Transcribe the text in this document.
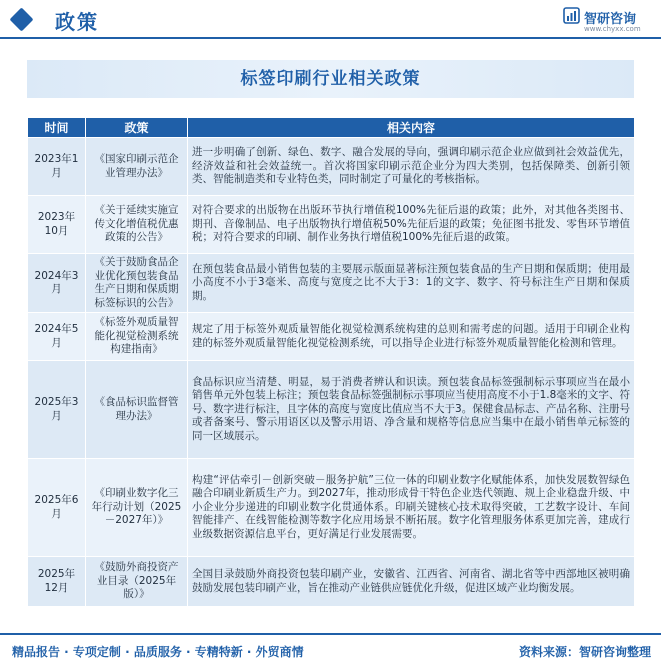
政策	智研咨询
www.chyxx.com
标签印刷行业相关政策
时间	政策	相关内容
2023年1月	《国家印刷示范企业管理办法》	进一步明确了创新、绿色、数字、融合发展的导向，强调印刷示范企业应做到社会效益优先，经济效益和社会效益统一。首次将国家印刷示范企业分为四大类别，包括保障类、创新引领类、智能制造类和专业特色类，同时制定了可量化的考核指标。
2023年10月	《关于延续实施宣传文化增值税优惠政策的公告》	对符合要求的出版物在出版环节执行增值税100%先征后退的政策；此外，对其他各类图书、期刊、音像制品、电子出版物执行增值税50%先征后退的政策；免征图书批发、零售环节增值税；对符合要求的印刷、制作业务执行增值税100%先征后退的政策。
2024年3月	《关于鼓励食品企业优化预包装食品生产日期和保质期标签标识的公告》	在预包装食品最小销售包装的主要展示版面显著标注预包装食品的生产日期和保质期；使用最小高度不小于3毫米、高度与宽度之比不大于3：1的文字、数字、符号标注生产日期和保质期。
2024年5月	《标签外观质量智能化视觉检测系统构建指南》	规定了用于标签外观质量智能化视觉检测系统构建的总则和需考虑的问题。适用于印刷企业构建的标签外观质量智能化视觉检测系统，可以指导企业进行标签外观质量智能化检测和管理。
2025年3月	《食品标识监督管理办法》	食品标识应当清楚、明显，易于消费者辨认和识读。预包装食品标签强制标示事项应当在最小销售单元外包装上标注；预包装食品标签强制标示事项应当使用高度不小于1.8毫米的文字、符号、数字进行标注，且字体的高度与宽度比值应当不大于3。保健食品标志、产品名称、注册号或者备案号、警示用语区以及警示用语、净含量和规格等信息应当集中在最小销售单元标签的同一区域展示。
2025年6月	《印刷业数字化三年行动计划（2025－2027年）》	构建“评估牵引－创新突破－服务护航”三位一体的印刷业数字化赋能体系，加快发展数智绿色融合印刷业新质生产力。到2027年，推动形成骨干特色企业迭代领跑、规上企业稳盘升级、中小企业分步递进的印刷业数字化贯通体系。印刷关键核心技术取得突破，工艺数字设计、车间智能排产、在线智能检测等数字化应用场景不断拓展。数字化管理服务体系更加完善，建成行业级数据资源信息平台，更好满足行业发展需要。
2025年12月	《鼓励外商投资产业目录（2025年版）》	全国目录鼓励外商投资包装印刷产业，安徽省、江西省、河南省、湖北省等中西部地区被明确鼓励发展包装印刷产业，旨在推动产业链供应链优化升级，促进区域产业均衡发展。
精品报告 · 专项定制 · 品质服务 · 专精特新 · 外贸商情	资料来源：智研咨询整理
